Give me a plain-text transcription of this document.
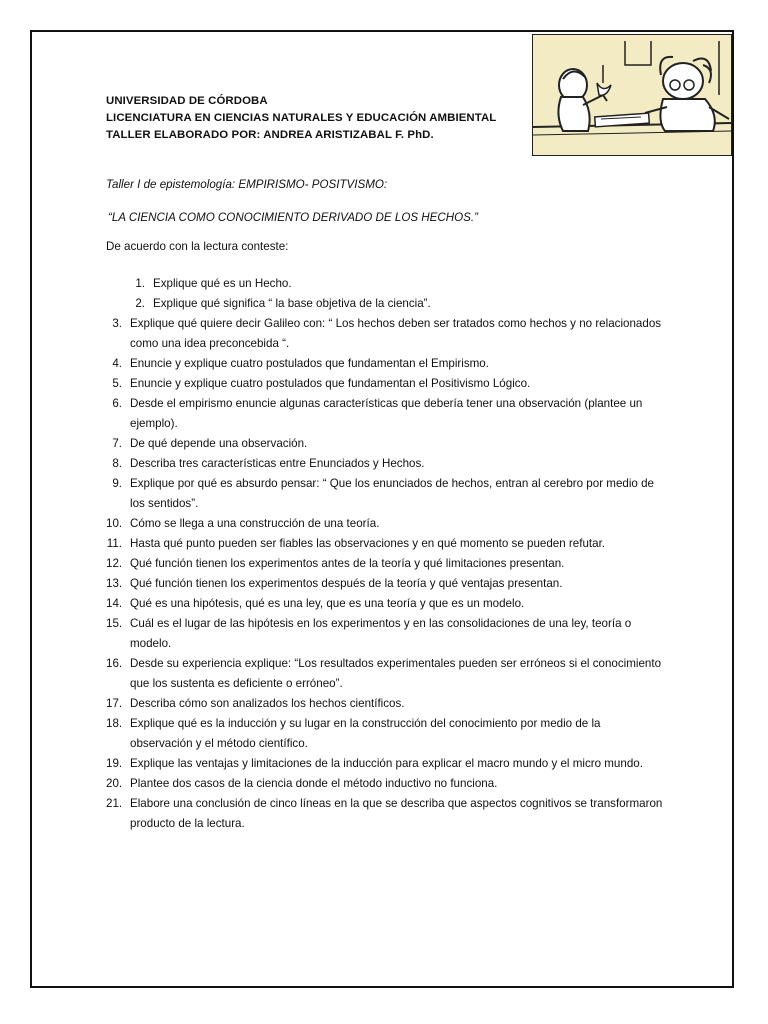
UNIVERSIDAD DE CÓRDOBA
LICENCIATURA EN CIENCIAS NATURALES Y EDUCACIÓN AMBIENTAL
TALLER ELABORADO POR: ANDREA ARISTIZABAL F. PhD.
Taller I de epistemología: EMPIRISMO- POSITVISMO:
“LA CIENCIA COMO CONOCIMIENTO DERIVADO DE LOS HECHOS.”
De acuerdo con la lectura conteste:
1. Explique qué es un Hecho.
2. Explique qué significa “ la base objetiva de la ciencia”.
3. Explique qué quiere decir Galileo con: “ Los hechos deben ser tratados como hechos y no relacionados como una idea preconcebida “.
4. Enuncie y explique cuatro postulados que fundamentan el Empirismo.
5. Enuncie y explique cuatro postulados que fundamentan el Positivismo Lógico.
6. Desde el empirismo enuncie algunas características que debería tener una observación (plantee un ejemplo).
7. De qué depende una observación.
8. Describa tres características entre Enunciados y Hechos.
9. Explique por qué es absurdo pensar: “ Que los enunciados de hechos, entran al cerebro por medio de los sentidos”.
10. Cómo se llega a una construcción de una teoría.
11. Hasta qué punto pueden ser fiables las observaciones y en qué momento se pueden refutar.
12. Qué función tienen los experimentos antes de la teoría y qué limitaciones presentan.
13. Qué función tienen los experimentos después de la teoría y qué ventajas presentan.
14. Qué es una hipótesis, qué es una ley, que es una teoría y que es un modelo.
15. Cuál es el lugar de las hipótesis en los experimentos y en las consolidaciones de una ley, teoría o modelo.
16. Desde su experiencia explique: “Los resultados experimentales pueden ser erróneos si el conocimiento que los sustenta es deficiente o erróneo”.
17. Describa cómo son analizados los hechos científicos.
18. Explique qué es la inducción y su lugar en la construcción del conocimiento por medio de la observación y el método científico.
19. Explique las ventajas y limitaciones de la inducción para explicar el macro mundo y el micro mundo.
20. Plantee dos casos de la ciencia donde el método inductivo no funciona.
21. Elabore una conclusión de cinco líneas en la que se describa que aspectos cognitivos se transformaron producto de la lectura.
